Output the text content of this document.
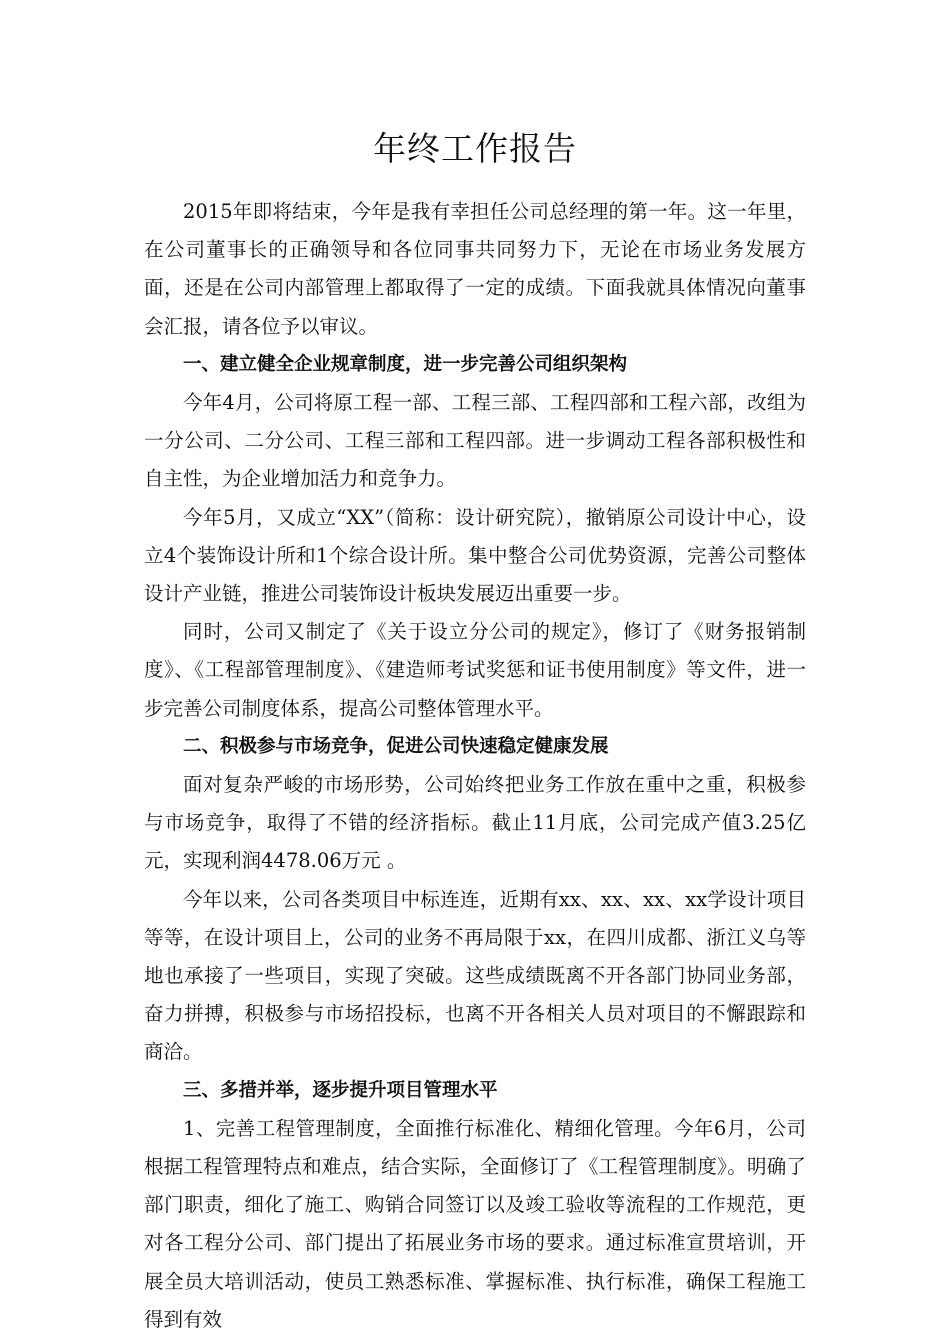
年终工作报告

2015年即将结束，今年是我有幸担任公司总经理的第一年。这一年里，在公司董事长的正确领导和各位同事共同努力下，无论在市场业务发展方面，还是在公司内部管理上都取得了一定的成绩。下面我就具体情况向董事会汇报，请各位予以审议。

一、建立健全企业规章制度，进一步完善公司组织架构

今年4月，公司将原工程一部、工程三部、工程四部和工程六部，改组为一分公司、二分公司、工程三部和工程四部。进一步调动工程各部积极性和自主性，为企业增加活力和竞争力。

今年5月，又成立“XX”（简称：设计研究院），撤销原公司设计中心，设立4个装饰设计所和1个综合设计所。集中整合公司优势资源，完善公司整体设计产业链，推进公司装饰设计板块发展迈出重要一步。

同时，公司又制定了《关于设立分公司的规定》，修订了《财务报销制度》、《工程部管理制度》、《建造师考试奖惩和证书使用制度》等文件，进一步完善公司制度体系，提高公司整体管理水平。

二、积极参与市场竞争，促进公司快速稳定健康发展

面对复杂严峻的市场形势，公司始终把业务工作放在重中之重，积极参与市场竞争，取得了不错的经济指标。截止11月底，公司完成产值3.25亿元，实现利润4478.06万元 。

今年以来，公司各类项目中标连连，近期有xx、xx、xx、xx学设计项目等等，在设计项目上，公司的业务不再局限于xx，在四川成都、浙江义乌等地也承接了一些项目，实现了突破。这些成绩既离不开各部门协同业务部，奋力拼搏，积极参与市场招投标，也离不开各相关人员对项目的不懈跟踪和商洽。

三、多措并举，逐步提升项目管理水平

1、完善工程管理制度，全面推行标准化、精细化管理。今年6月，公司根据工程管理特点和难点，结合实际，全面修订了《工程管理制度》。明确了部门职责，细化了施工、购销合同签订以及竣工验收等流程的工作规范，更对各工程分公司、部门提出了拓展业务市场的要求。通过标准宣贯培训，开展全员大培训活动，使员工熟悉标准、掌握标准、执行标准，确保工程施工得到有效
